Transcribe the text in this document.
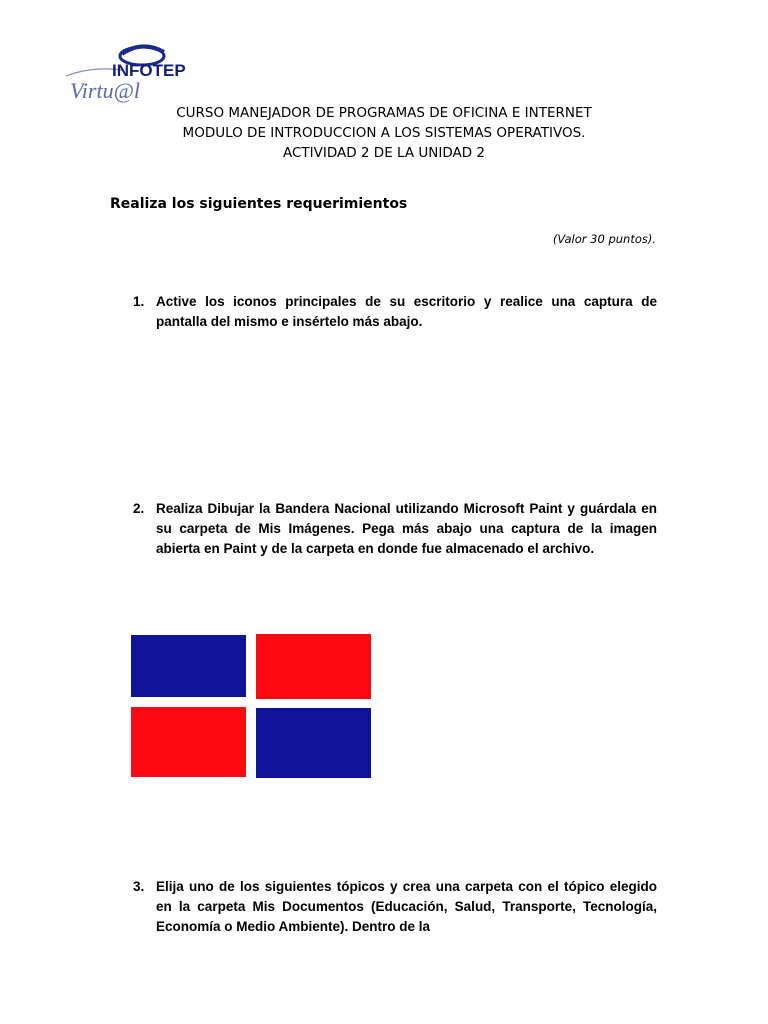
INFOTEP
Virtu@l
CURSO MANEJADOR DE PROGRAMAS DE OFICINA E INTERNET
MODULO DE INTRODUCCION A LOS SISTEMAS OPERATIVOS.
ACTIVIDAD 2 DE LA UNIDAD 2
Realiza los siguientes requerimientos
(Valor 30 puntos).
1. Active los iconos principales de su escritorio y realice una captura de pantalla del mismo e insértelo más abajo.
2. Realiza Dibujar la Bandera Nacional utilizando Microsoft Paint y guárdala en su carpeta de Mis Imágenes. Pega más abajo una captura de la imagen abierta en Paint y de la carpeta en donde fue almacenado el archivo.
3. Elija uno de los siguientes tópicos y crea una carpeta con el tópico elegido en la carpeta Mis Documentos (Educación, Salud, Transporte, Tecnología, Economía o Medio Ambiente). Dentro de la
